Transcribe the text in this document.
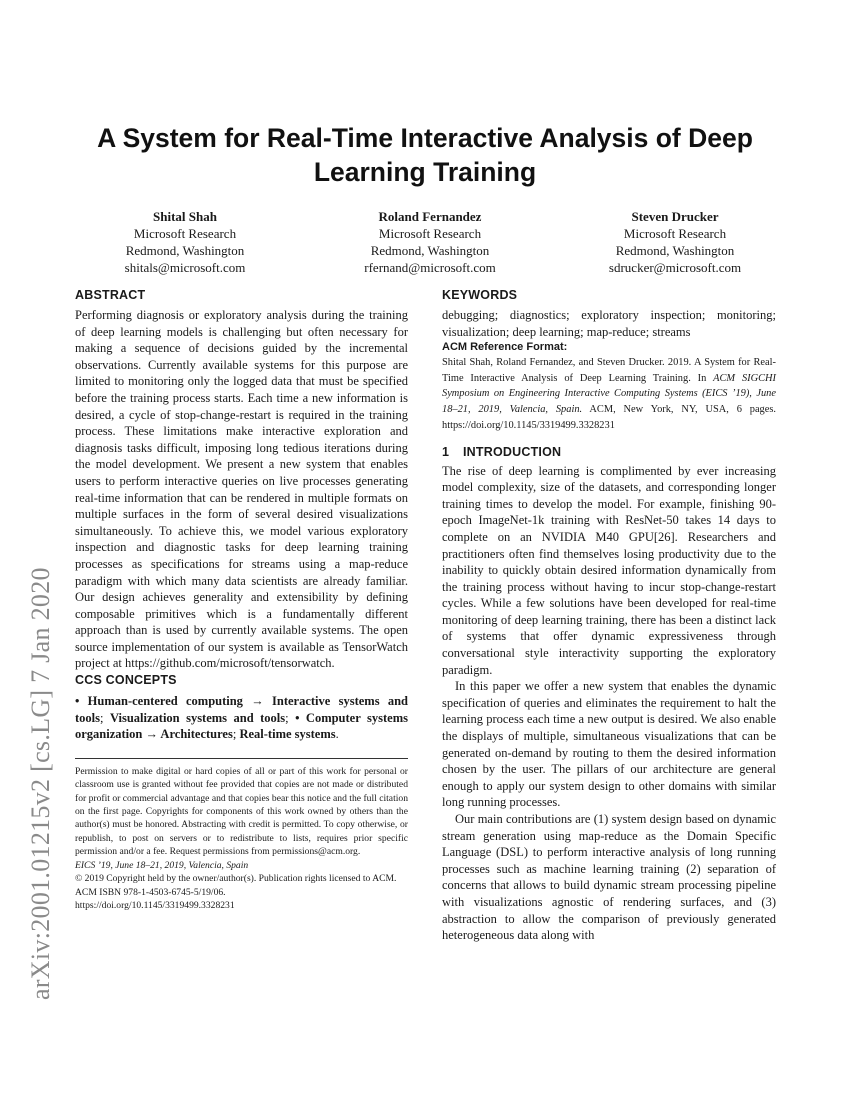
arXiv:2001.01215v2 [cs.LG] 7 Jan 2020
A System for Real-Time Interactive Analysis of Deep Learning Training
Shital Shah
Microsoft Research
Redmond, Washington
shitals@microsoft.com
Roland Fernandez
Microsoft Research
Redmond, Washington
rfernand@microsoft.com
Steven Drucker
Microsoft Research
Redmond, Washington
sdrucker@microsoft.com
ABSTRACT

Performing diagnosis or exploratory analysis during the training of deep learning models is challenging but often necessary for making a sequence of decisions guided by the incremental observations. Currently available systems for this purpose are limited to monitoring only the logged data that must be specified before the training process starts. Each time a new information is desired, a cycle of stop-change-restart is required in the training process. These limitations make interactive exploration and diagnosis tasks difficult, imposing long tedious iterations during the model development. We present a new system that enables users to perform interactive queries on live processes generating real-time information that can be rendered in multiple formats on multiple surfaces in the form of several desired visualizations simultaneously. To achieve this, we model various exploratory inspection and diagnostic tasks for deep learning training processes as specifications for streams using a map-reduce paradigm with which many data scientists are already familiar. Our design achieves generality and extensibility by defining composable primitives which is a fundamentally different approach than is used by currently available systems. The open source implementation of our system is available as TensorWatch project at https://github.com/microsoft/tensorwatch.

CCS CONCEPTS

• Human-centered computing → Interactive systems and tools; Visualization systems and tools; • Computer systems organization → Architectures; Real-time systems.

Permission to make digital or hard copies of all or part of this work for personal or classroom use is granted without fee provided that copies are not made or distributed for profit or commercial advantage and that copies bear this notice and the full citation on the first page. Copyrights for components of this work owned by others than the author(s) must be honored. Abstracting with credit is permitted. To copy otherwise, or republish, to post on servers or to redistribute to lists, requires prior specific permission and/or a fee. Request permissions from permissions@acm.org.
EICS ’19, June 18–21, 2019, Valencia, Spain
© 2019 Copyright held by the owner/author(s). Publication rights licensed to ACM.
ACM ISBN 978-1-4503-6745-5/19/06.
https://doi.org/10.1145/3319499.3328231
KEYWORDS

debugging; diagnostics; exploratory inspection; monitoring; visualization; deep learning; map-reduce; streams

ACM Reference Format:

Shital Shah, Roland Fernandez, and Steven Drucker. 2019. A System for Real-Time Interactive Analysis of Deep Learning Training. In ACM SIGCHI Symposium on Engineering Interactive Computing Systems (EICS ’19), June 18–21, 2019, Valencia, Spain. ACM, New York, NY, USA, 6 pages. https://doi.org/10.1145/3319499.3328231

1 INTRODUCTION

The rise of deep learning is complimented by ever increasing model complexity, size of the datasets, and corresponding longer training times to develop the model. For example, finishing 90-epoch ImageNet-1k training with ResNet-50 takes 14 days to complete on an NVIDIA M40 GPU[26]. Researchers and practitioners often find themselves losing productivity due to the inability to quickly obtain desired information dynamically from the training process without having to incur stop-change-restart cycles. While a few solutions have been developed for real-time monitoring of deep learning training, there has been a distinct lack of systems that offer dynamic expressiveness through conversational style interactivity supporting the exploratory paradigm.

In this paper we offer a new system that enables the dynamic specification of queries and eliminates the requirement to halt the learning process each time a new output is desired. We also enable the displays of multiple, simultaneous visualizations that can be generated on-demand by routing to them the desired information chosen by the user. The pillars of our architecture are general enough to apply our system design to other domains with similar long running processes.

Our main contributions are (1) system design based on dynamic stream generation using map-reduce as the Domain Specific Language (DSL) to perform interactive analysis of long running processes such as machine learning training (2) separation of concerns that allows to build dynamic stream processing pipeline with visualizations agnostic of rendering surfaces, and (3) abstraction to allow the comparison of previously generated heterogeneous data along with
